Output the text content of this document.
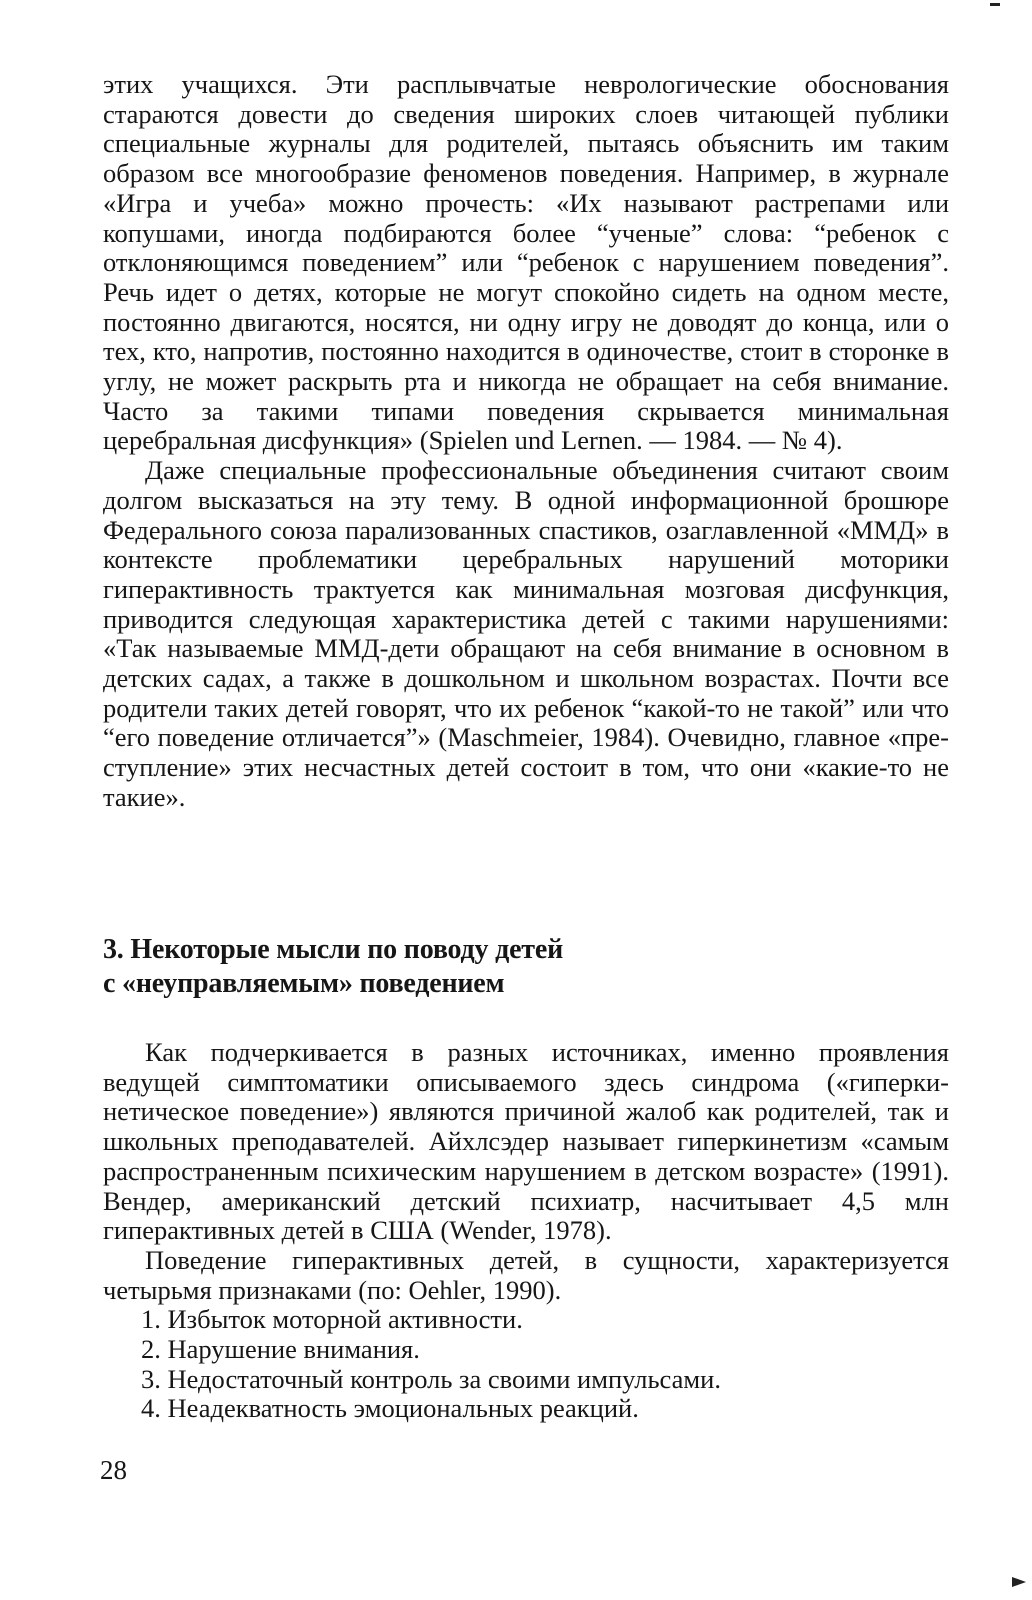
этих учащихся. Эти расплывчатые неврологические обоснования стараются довести до сведения широких слоев читающей публики специальные журналы для родителей, пытаясь объяснить им таким образом все многообразие феноменов поведения. Например, в журнале «Игра и учеба» можно прочесть: «Их называют растрепами или копушами, иногда подбираются более “ученые” слова: “ребенок с отклоняющимся поведением” или “ребенок с нарушением поведения”. Речь идет о детях, которые не могут спокойно сидеть на одном месте, постоянно двигаются, носятся, ни одну игру не доводят до конца, или о тех, кто, напротив, постоянно находится в одиночестве, стоит в сторонке в углу, не может раскрыть рта и никогда не обращает на себя внимание. Часто за такими типами поведения скрывается минимальная церебральная дисфункция» (Spielen und Lernen. — 1984. — № 4).

Даже специальные профессиональные объединения считают своим долгом высказаться на эту тему. В одной информационной брошюре Федерального союза парализованных спастиков, озаглавленной «ММД» в контексте проблематики церебральных нарушений моторики гиперактивность трактуется как минимальная мозговая дисфункция, приводится следующая характеристика детей с такими нарушениями: «Так называемые ММД-дети обращают на себя внимание в основном в детских садах, а также в дошкольном и школьном возрастах. Почти все родители таких детей говорят, что их ребенок “какой-то не такой” или что “его поведение отличается”» (Maschmeier, 1984). Очевидно, главное «преступление» этих несчастных детей состоит в том, что они «какие-то не такие».

3. Некоторые мысли по поводу детей
с «неуправляемым» поведением

Как подчеркивается в разных источниках, именно проявления ведущей симптоматики описываемого здесь синдрома («гиперкинетическое поведение») являются причиной жалоб как родителей, так и школьных преподавателей. Айхлсэдер называет гиперкинетизм «самым распространенным психическим нарушением в детском возрасте» (1991). Вендер, американский детский психиатр, насчитывает 4,5 млн гиперактивных детей в США (Wender, 1978).

Поведение гиперактивных детей, в сущности, характеризуется четырьмя признаками (по: Oehler, 1990).

1. Избыток моторной активности.
2. Нарушение внимания.
3. Недостаточный контроль за своими импульсами.
4. Неадекватность эмоциональных реакций.
28
